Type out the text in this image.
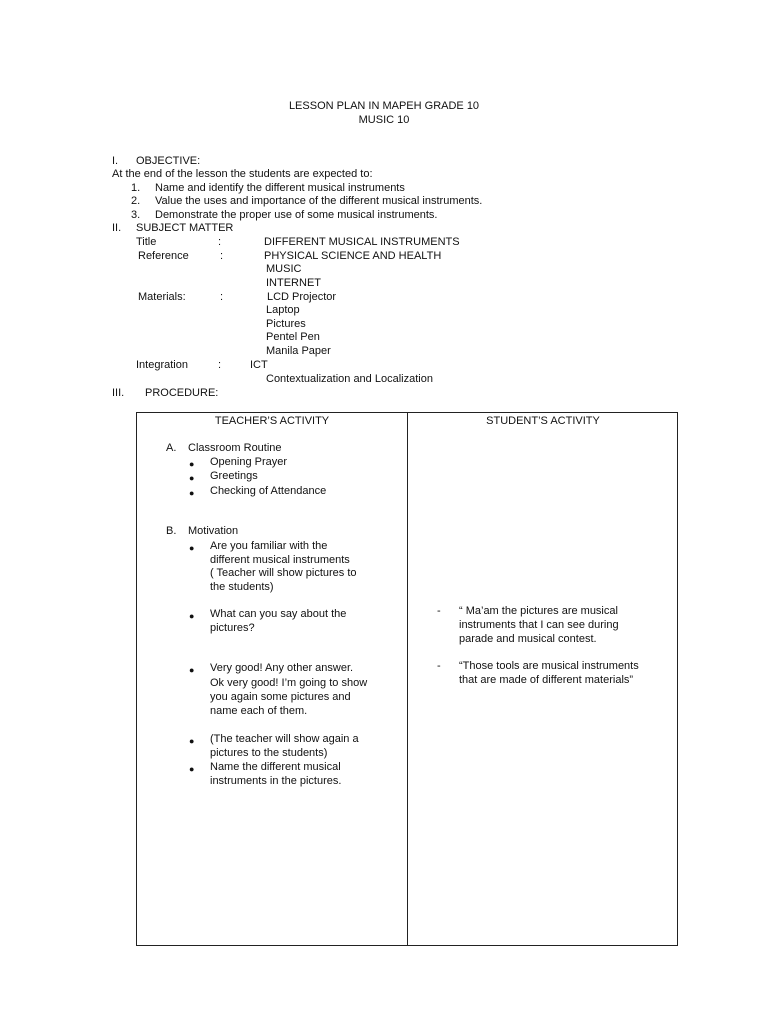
LESSON PLAN IN MAPEH GRADE 10
MUSIC 10
I. OBJECTIVE:
At the end of the lesson the students are expected to:
1. Name and identify the different musical instruments
2. Value the uses and importance of the different musical instruments.
3. Demonstrate the proper use of some musical instruments.
II. SUBJECT MATTER
Title	:	DIFFERENT MUSICAL INSTRUMENTS
Reference	:	PHYSICAL SCIENCE AND HEALTH
MUSIC
INTERNET
Materials:	:	LCD Projector
Laptop
Pictures
Pentel Pen
Manila Paper
Integration	:	ICT
Contextualization and Localization
III. PROCEDURE:
TEACHER’S ACTIVITY	STUDENT’S ACTIVITY
A. Classroom Routine
● Opening Prayer
● Greetings
● Checking of Attendance
B. Motivation
● Are you familiar with the
different musical instruments
( Teacher will show pictures to
the students)
● What can you say about the
pictures?
● Very good! Any other answer.
Ok very good! I’m going to show
you again some pictures and
name each of them.
● (The teacher will show again a
pictures to the students)
● Name the different musical
instruments in the pictures.
- “ Ma’am the pictures are musical
instruments that I can see during
parade and musical contest.
- “Those tools are musical instruments
that are made of different materials”
